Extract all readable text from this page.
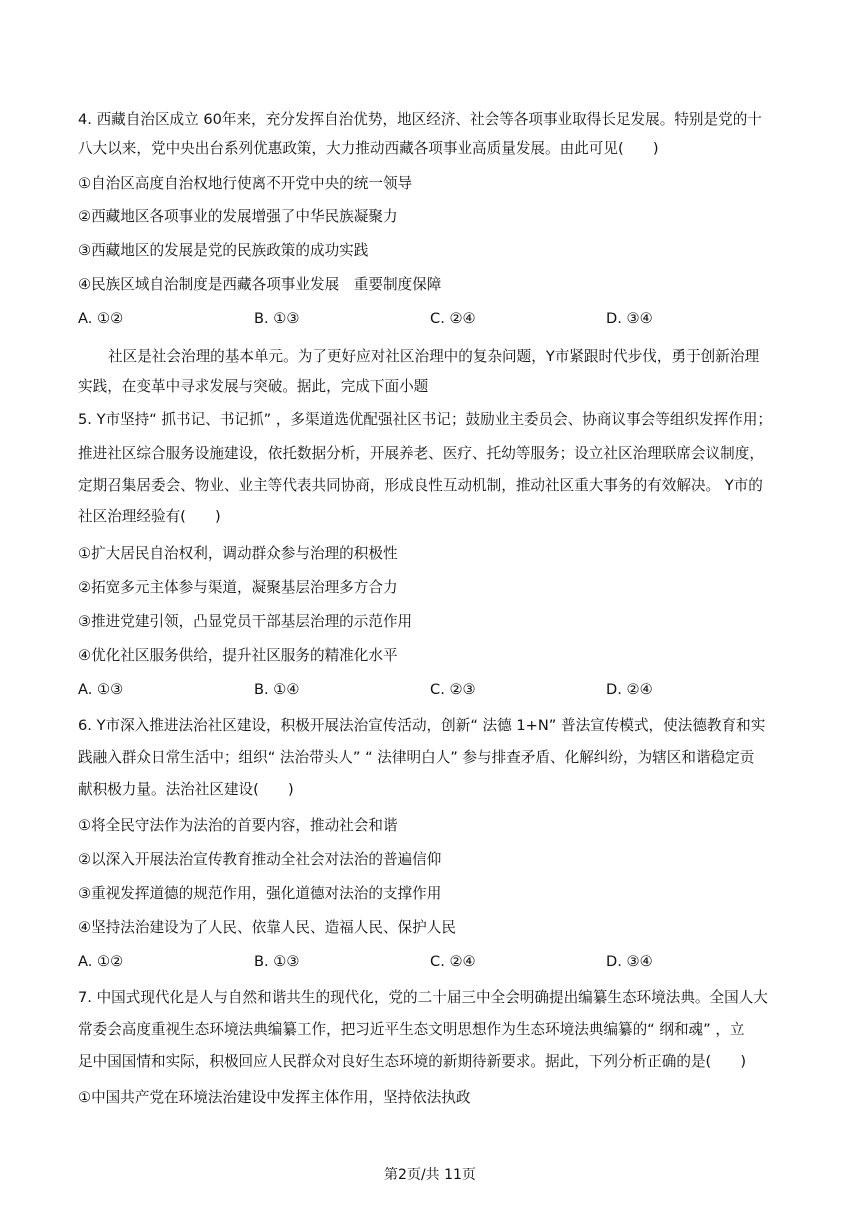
4. 西藏自治区成立 60年来，充分发挥自治优势，地区经济、社会等各项事业取得长足发展。特别是党的十
八大以来，党中央出台系列优惠政策，大力推动西藏各项事业高质量发展。由此可见(　　)
①自治区高度自治权地行使离不开党中央的统一领导
②西藏地区各项事业的发展增强了中华民族凝聚力
③西藏地区的发展是党的民族政策的成功实践
④民族区域自治制度是西藏各项事业发展　重要制度保障
A. ①②	B. ①③	C. ②④	D. ③④
社区是社会治理的基本单元。为了更好应对社区治理中的复杂问题，Y市紧跟时代步伐，勇于创新治理
实践，在变革中寻求发展与突破。据此，完成下面小题
5. Y市坚持“ 抓书记、书记抓” ，多渠道选优配强社区书记；鼓励业主委员会、协商议事会等组织发挥作用；
推进社区综合服务设施建设，依托数据分析，开展养老、医疗、托幼等服务；设立社区治理联席会议制度，
定期召集居委会、物业、业主等代表共同协商，形成良性互动机制，推动社区重大事务的有效解决。 Y市的
社区治理经验有(　　)
①扩大居民自治权利，调动群众参与治理的积极性
②拓宽多元主体参与渠道，凝聚基层治理多方合力
③推进党建引领，凸显党员干部基层治理的示范作用
④优化社区服务供给，提升社区服务的精准化水平
A. ①③	B. ①④	C. ②③	D. ②④
6. Y市深入推进法治社区建设，积极开展法治宣传活动，创新“ 法德 1+N” 普法宣传模式，使法德教育和实
践融入群众日常生活中；组织“ 法治带头人” “ 法律明白人” 参与排查矛盾、化解纠纷，为辖区和谐稳定贡
献积极力量。法治社区建设(　　)
①将全民守法作为法治的首要内容，推动社会和谐
②以深入开展法治宣传教育推动全社会对法治的普遍信仰
③重视发挥道德的规范作用，强化道德对法治的支撑作用
④坚持法治建设为了人民、依靠人民、造福人民、保护人民
A. ①②	B. ①③	C. ②④	D. ③④
7. 中国式现代化是人与自然和谐共生的现代化，党的二十届三中全会明确提出编纂生态环境法典。全国人大
常委会高度重视生态环境法典编纂工作，把习近平生态文明思想作为生态环境法典编纂的“ 纲和魂” ，立
足中国国情和实际，积极回应人民群众对良好生态环境的新期待新要求。据此，下列分析正确的是(　　)
①中国共产党在环境法治建设中发挥主体作用，坚持依法执政
第2页/共 11页
